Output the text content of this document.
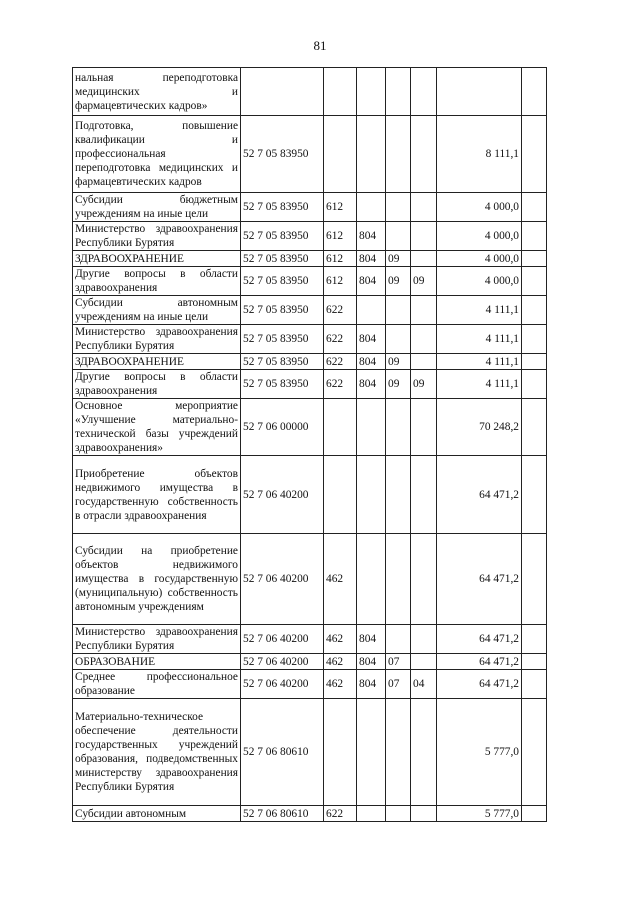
81
нальная переподготовка медицинских и фармацевтических кадров»							
Подготовка, повышение квалификации и профессиональная переподготовка медицинских и фармацевтических кадров	52 7 05 83950					8 111,1	
Субсидии бюджетным учреждениям на иные цели	52 7 05 83950	612				4 000,0	
Министерство здравоохранения Республики Бурятия	52 7 05 83950	612	804			4 000,0	
ЗДРАВООХРАНЕНИЕ	52 7 05 83950	612	804	09		4 000,0	
Другие вопросы в области здравоохранения	52 7 05 83950	612	804	09	09	4 000,0	
Субсидии автономным учреждениям на иные цели	52 7 05 83950	622				4 111,1	
Министерство здравоохранения Республики Бурятия	52 7 05 83950	622	804			4 111,1	
ЗДРАВООХРАНЕНИЕ	52 7 05 83950	622	804	09		4 111,1	
Другие вопросы в области здравоохранения	52 7 05 83950	622	804	09	09	4 111,1	
Основное мероприятие «Улучшение материально-технической базы учреждений здравоохранения»	52 7 06 00000					70 248,2	
Приобретение объектов недвижимого имущества в государственную собственность в отрасли здравоохранения	52 7 06 40200					64 471,2	
Субсидии на приобретение объектов недвижимого имущества в государственную (муниципальную) собственность автономным учреждениям	52 7 06 40200	462				64 471,2	
Министерство здравоохранения Республики Бурятия	52 7 06 40200	462	804			64 471,2	
ОБРАЗОВАНИЕ	52 7 06 40200	462	804	07		64 471,2	
Среднее профессиональное образование	52 7 06 40200	462	804	07	04	64 471,2	
Материально-техническое обеспечение деятельности государственных учреждений образования, подведомственных министерству здравоохранения Республики Бурятия	52 7 06 80610					5 777,0	
Субсидии автономным	52 7 06 80610	622				5 777,0	
